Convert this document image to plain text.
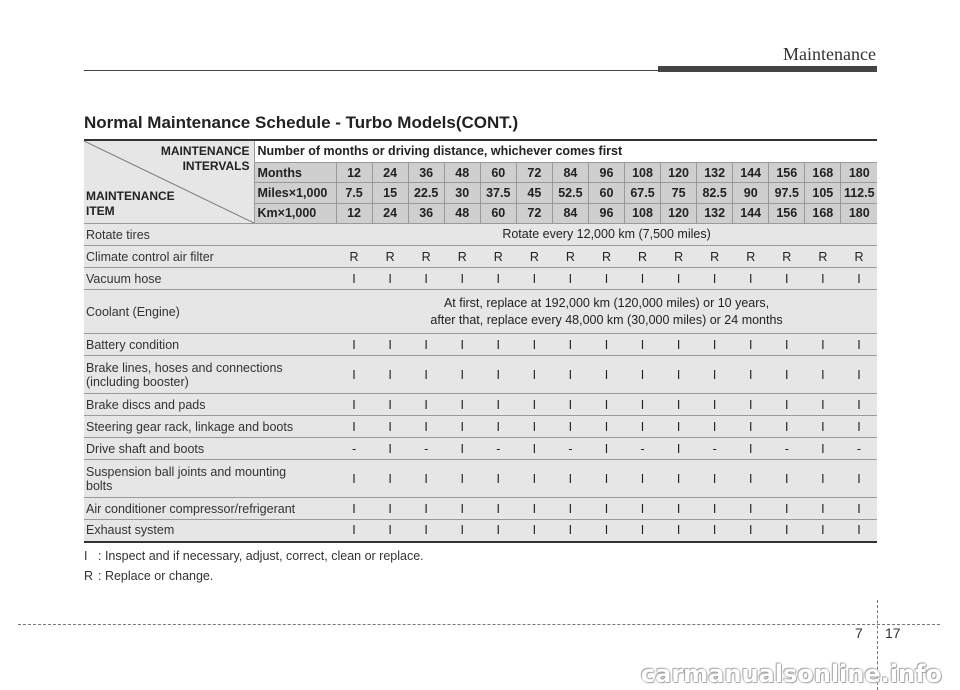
Maintenance
Normal Maintenance Schedule - Turbo Models(CONT.)
MAINTENANCE
INTERVALS
MAINTENANCE
ITEM	Number of months or driving distance, whichever comes first															
	Months	12	24	36	48	60	72	84	96	108	120	132	144	156	168	180
	Miles×1,000	7.5	15	22.5	30	37.5	45	52.5	60	67.5	75	82.5	90	97.5	105	112.5
	Km×1,000	12	24	36	48	60	72	84	96	108	120	132	144	156	168	180

Rotate tires		Rotate every 12,000 km (7,500 miles)														

Climate control air filter		R	R	R	R	R	R	R	R	R	R	R	R	R	R	R

Vacuum hose		I	I	I	I	I	I	I	I	I	I	I	I	I	I	I

Coolant (Engine)		At first, replace at 192,000 km (120,000 miles) or 10 years,
after that, replace every 48,000 km (30,000 miles) or 24 months														

Battery condition		I	I	I	I	I	I	I	I	I	I	I	I	I	I	I

Brake lines, hoses and connections
(including booster)		I	I	I	I	I	I	I	I	I	I	I	I	I	I	I

Brake discs and pads		I	I	I	I	I	I	I	I	I	I	I	I	I	I	I

Steering gear rack, linkage and boots		I	I	I	I	I	I	I	I	I	I	I	I	I	I	I

Drive shaft and boots		-	I	-	I	-	I	-	I	-	I	-	I	-	I	-

Suspension ball joints and mounting
bolts		I	I	I	I	I	I	I	I	I	I	I	I	I	I	I

Air conditioner compressor/refrigerant		I	I	I	I	I	I	I	I	I	I	I	I	I	I	I

Exhaust system		I	I	I	I	I	I	I	I	I	I	I	I	I	I	I
I : Inspect and if necessary, adjust, correct, clean or replace.
R : Replace or change.
7 17
carmanualsonline.info
